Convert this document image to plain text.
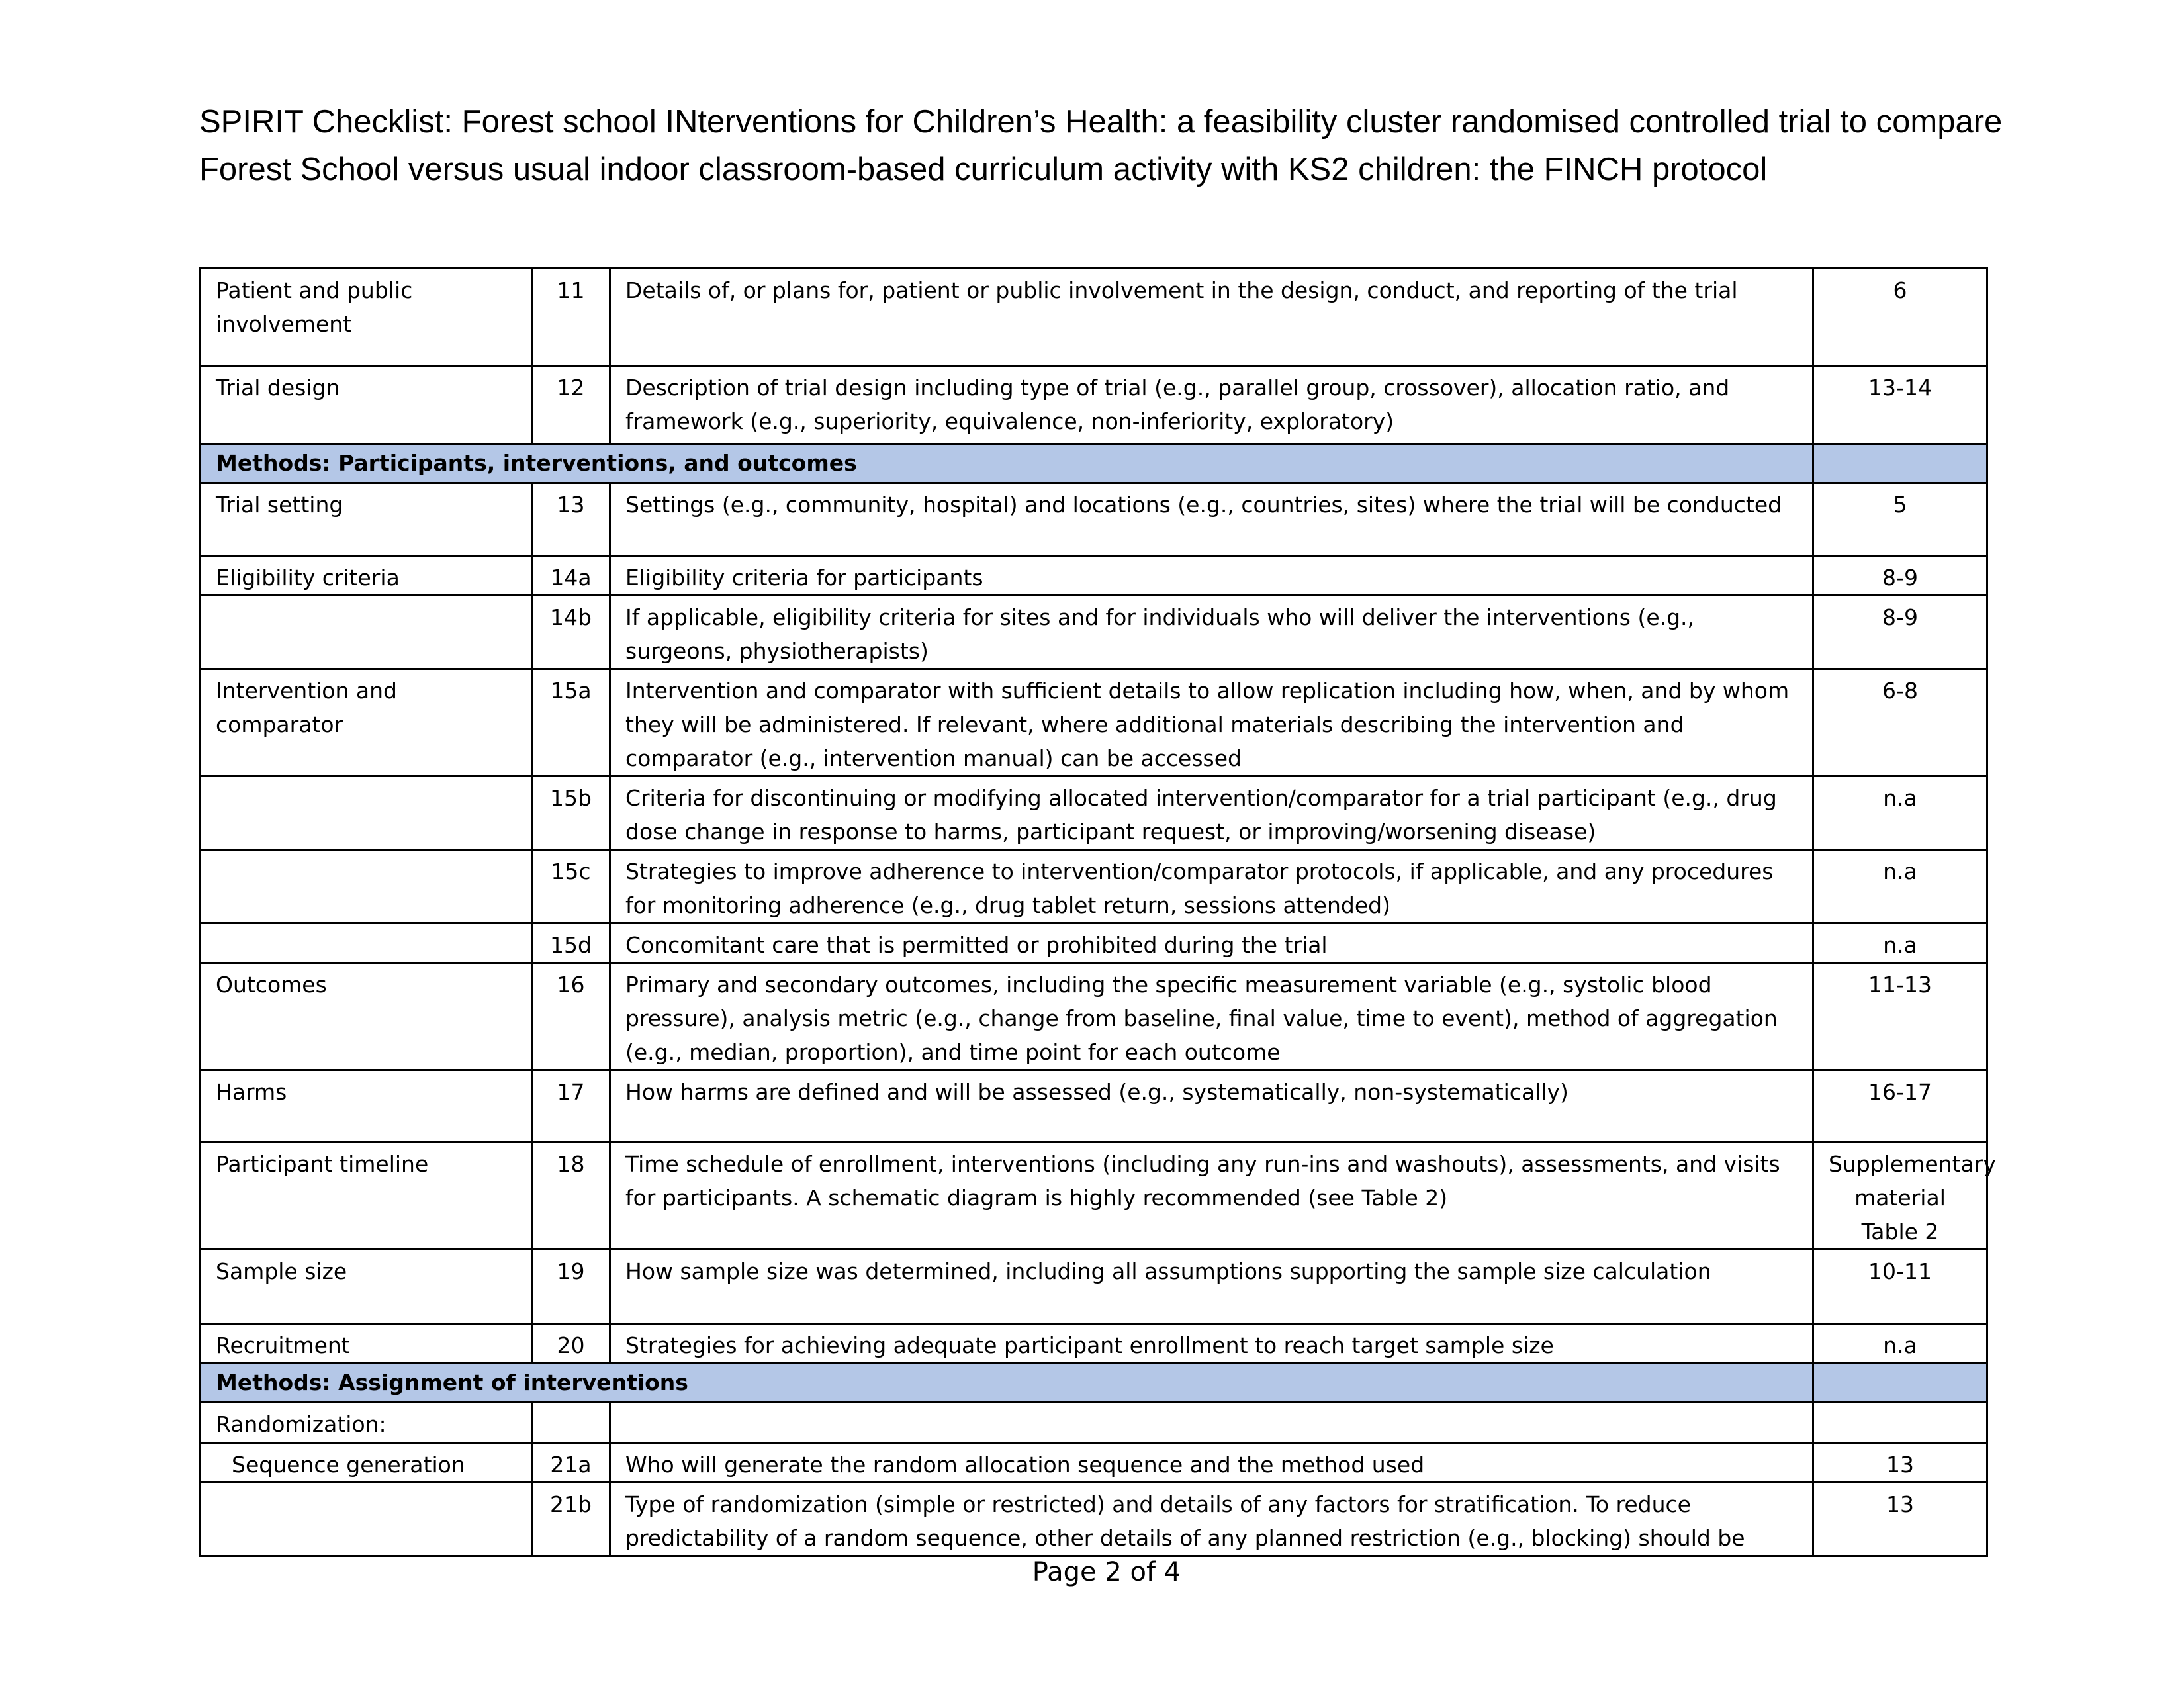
SPIRIT Checklist: Forest school INterventions for Children’s Health: a feasibility cluster randomised controlled trial to compare Forest School versus usual indoor classroom-based curriculum activity with KS2 children: the FINCH protocol
Patient and public involvement	11	Details of, or plans for, patient or public involvement in the design, conduct, and reporting of the trial	6
Trial design	12	Description of trial design including type of trial (e.g., parallel group, crossover), allocation ratio, and framework (e.g., superiority, equivalence, non-inferiority, exploratory)	13-14
Methods: Participants, interventions, and outcomes			
Trial setting	13	Settings (e.g., community, hospital) and locations (e.g., countries, sites) where the trial will be conducted	5
Eligibility criteria	14a	Eligibility criteria for participants	8-9
	14b	If applicable, eligibility criteria for sites and for individuals who will deliver the interventions (e.g., surgeons, physiotherapists)	8-9
Intervention and comparator	15a	Intervention and comparator with sufficient details to allow replication including how, when, and by whom they will be administered. If relevant, where additional materials describing the intervention and comparator (e.g., intervention manual) can be accessed	6-8
	15b	Criteria for discontinuing or modifying allocated intervention/comparator for a trial participant (e.g., drug dose change in response to harms, participant request, or improving/worsening disease)	n.a
	15c	Strategies to improve adherence to intervention/comparator protocols, if applicable, and any procedures for monitoring adherence (e.g., drug tablet return, sessions attended)	n.a
	15d	Concomitant care that is permitted or prohibited during the trial	n.a
Outcomes	16	Primary and secondary outcomes, including the specific measurement variable (e.g., systolic blood pressure), analysis metric (e.g., change from baseline, final value, time to event), method of aggregation (e.g., median, proportion), and time point for each outcome	11-13
Harms	17	How harms are defined and will be assessed (e.g., systematically, non-systematically)	16-17
Participant timeline	18	Time schedule of enrollment, interventions (including any run-ins and washouts), assessments, and visits for participants. A schematic diagram is highly recommended (see Table 2)	Supplementary material Table 2
Sample size	19	How sample size was determined, including all assumptions supporting the sample size calculation	10-11
Recruitment	20	Strategies for achieving adequate participant enrollment to reach target sample size	n.a
Methods: Assignment of interventions			
Randomization:			
Sequence generation	21a	Who will generate the random allocation sequence and the method used	13
	21b	Type of randomization (simple or restricted) and details of any factors for stratification. To reduce predictability of a random sequence, other details of any planned restriction (e.g., blocking) should be	13
Page 2 of 4
